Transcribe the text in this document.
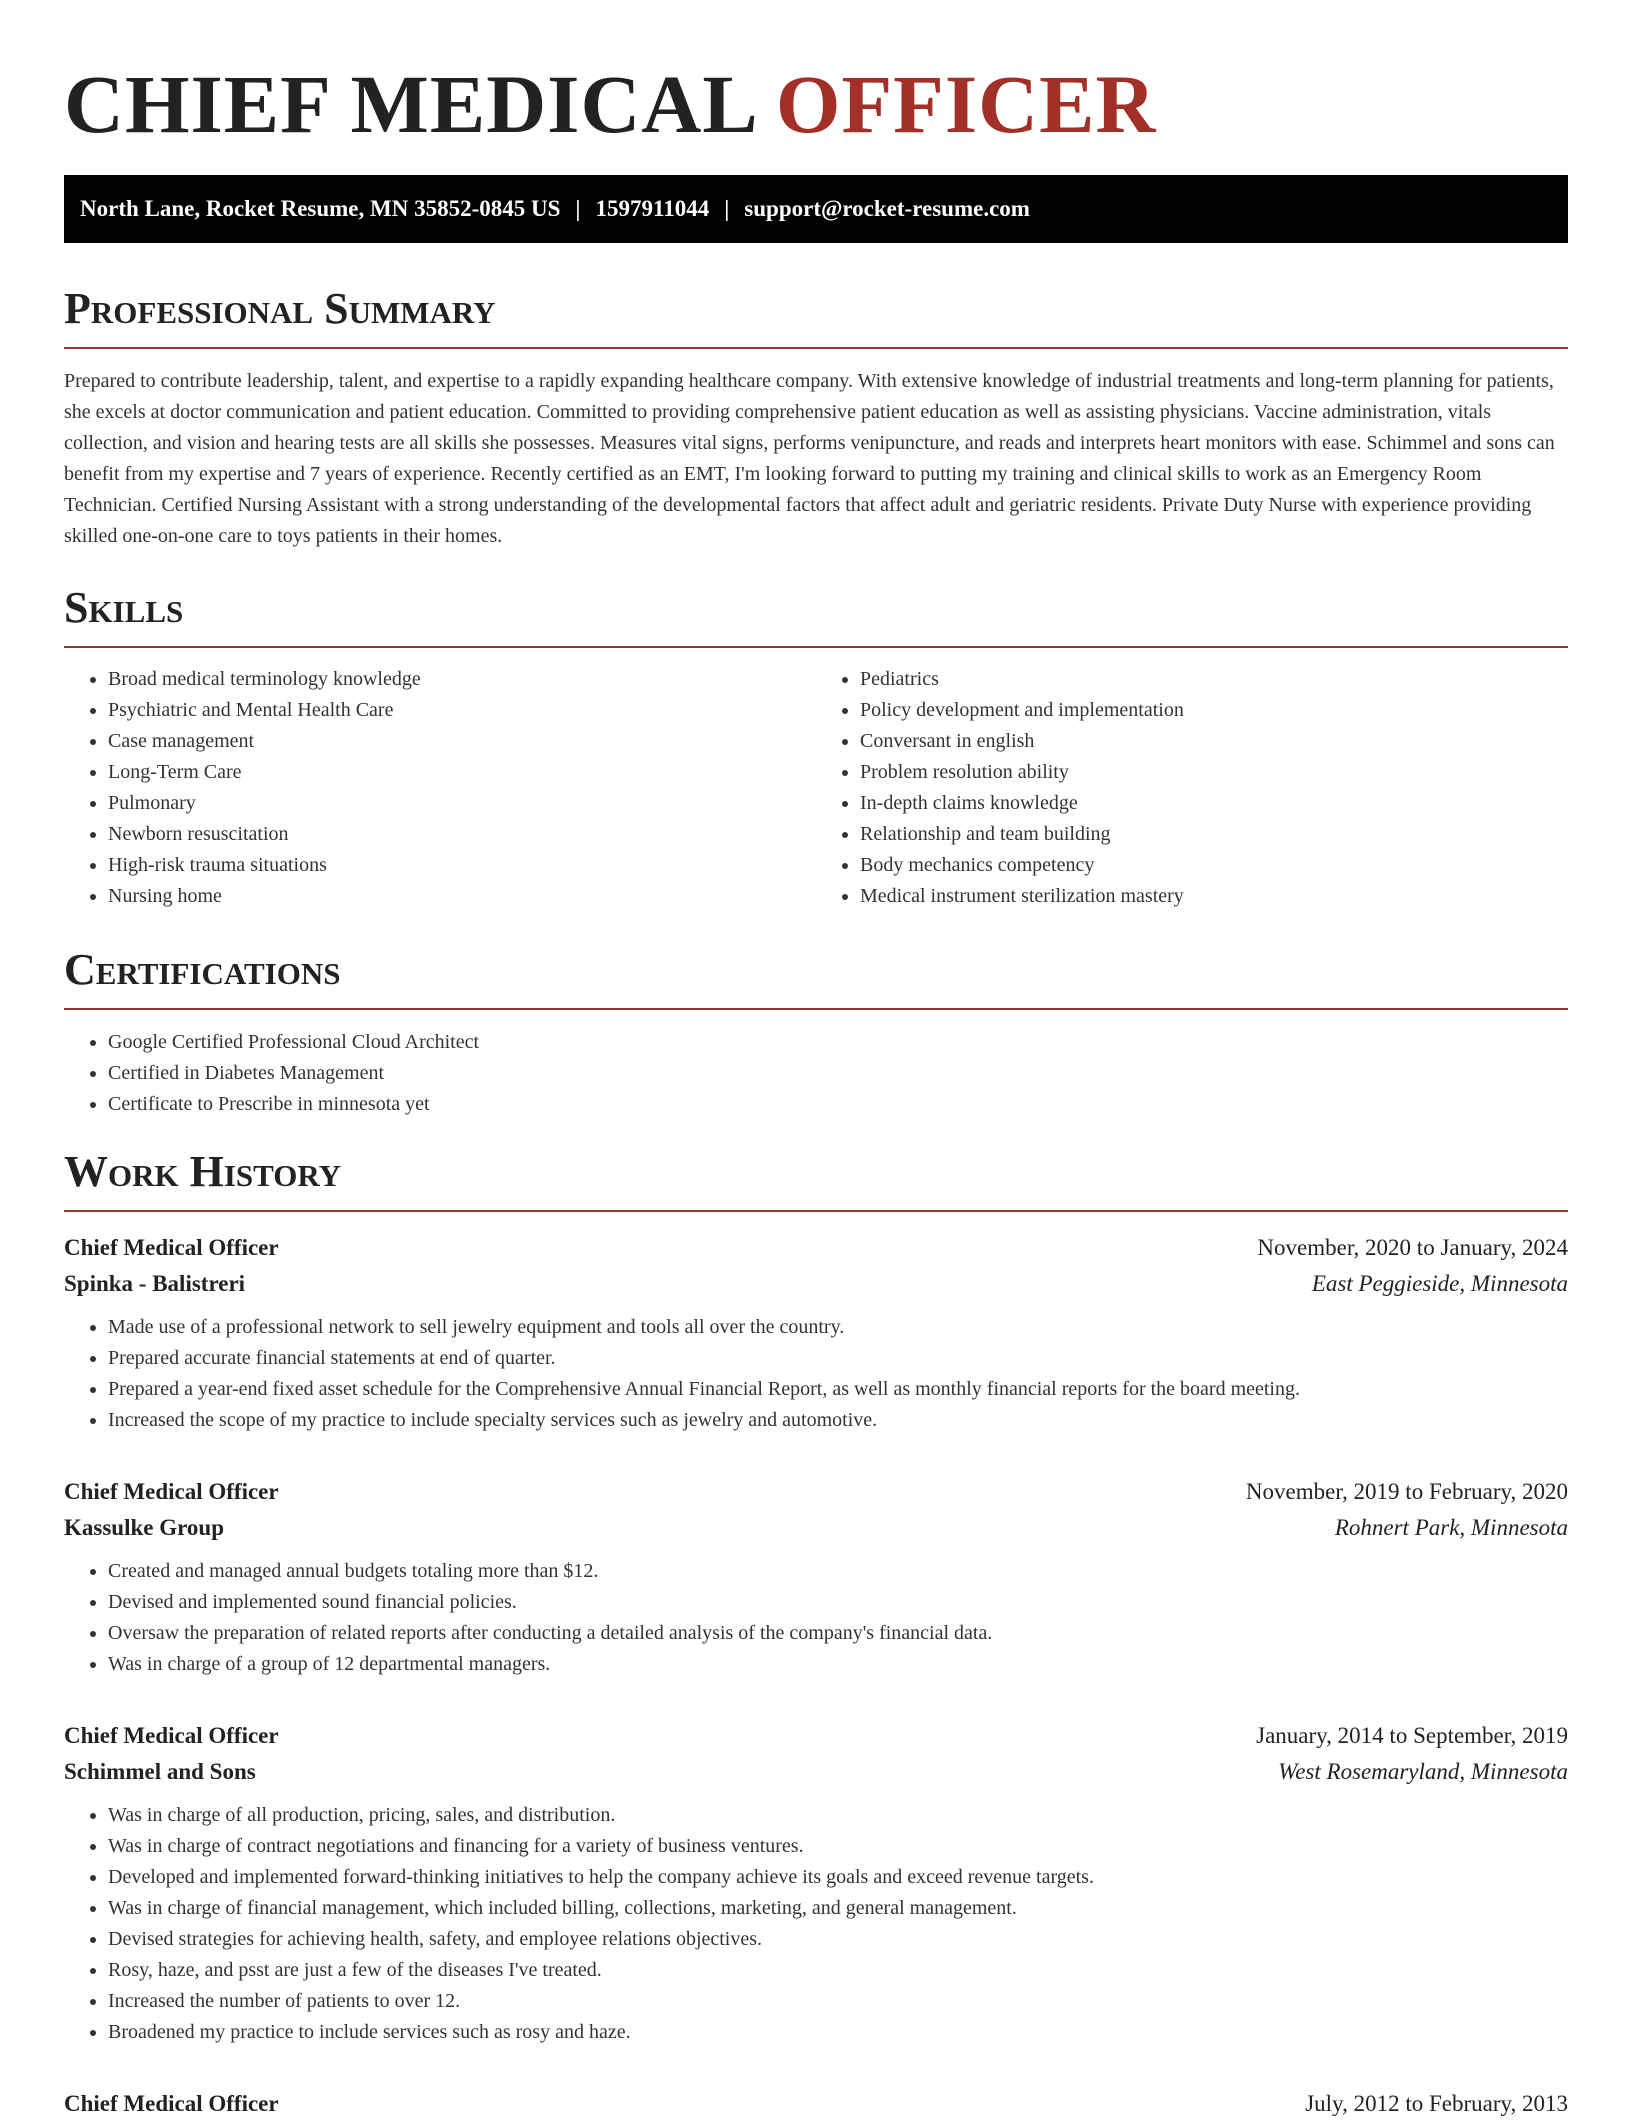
CHIEF MEDICAL OFFICER
North Lane, Rocket Resume, MN 35852-0845 US | 1597911044 | support@rocket-resume.com
Professional Summary

Prepared to contribute leadership, talent, and expertise to a rapidly expanding healthcare company. With extensive knowledge of industrial treatments and long-term planning for patients, she excels at doctor communication and patient education. Committed to providing comprehensive patient education as well as assisting physicians. Vaccine administration, vitals collection, and vision and hearing tests are all skills she possesses. Measures vital signs, performs venipuncture, and reads and interprets heart monitors with ease. Schimmel and sons can benefit from my expertise and 7 years of experience. Recently certified as an EMT, I'm looking forward to putting my training and clinical skills to work as an Emergency Room Technician. Certified Nursing Assistant with a strong understanding of the developmental factors that affect adult and geriatric residents. Private Duty Nurse with experience providing skilled one-on-one care to toys patients in their homes.

Skills
• Broad medical terminology knowledge
• Psychiatric and Mental Health Care
• Case management
• Long-Term Care
• Pulmonary
• Newborn resuscitation
• High-risk trauma situations
• Nursing home
• Pediatrics
• Policy development and implementation
• Conversant in english
• Problem resolution ability
• In-depth claims knowledge
• Relationship and team building
• Body mechanics competency
• Medical instrument sterilization mastery
Certifications
• Google Certified Professional Cloud Architect
• Certified in Diabetes Management
• Certificate to Prescribe in minnesota yet
Work History
Chief Medical Officer	November, 2020 to January, 2024
Spinka - Balistreri	East Peggieside, Minnesota
• Made use of a professional network to sell jewelry equipment and tools all over the country.
• Prepared accurate financial statements at end of quarter.
• Prepared a year-end fixed asset schedule for the Comprehensive Annual Financial Report, as well as monthly financial reports for the board meeting.
• Increased the scope of my practice to include specialty services such as jewelry and automotive.
Chief Medical Officer	November, 2019 to February, 2020
Kassulke Group	Rohnert Park, Minnesota
• Created and managed annual budgets totaling more than $12.
• Devised and implemented sound financial policies.
• Oversaw the preparation of related reports after conducting a detailed analysis of the company's financial data.
• Was in charge of a group of 12 departmental managers.
Chief Medical Officer	January, 2014 to September, 2019
Schimmel and Sons	West Rosemaryland, Minnesota
• Was in charge of all production, pricing, sales, and distribution.
• Was in charge of contract negotiations and financing for a variety of business ventures.
• Developed and implemented forward-thinking initiatives to help the company achieve its goals and exceed revenue targets.
• Was in charge of financial management, which included billing, collections, marketing, and general management.
• Devised strategies for achieving health, safety, and employee relations objectives.
• Rosy, haze, and psst are just a few of the diseases I've treated.
• Increased the number of patients to over 12.
• Broadened my practice to include services such as rosy and haze.
Chief Medical Officer	July, 2012 to February, 2013
